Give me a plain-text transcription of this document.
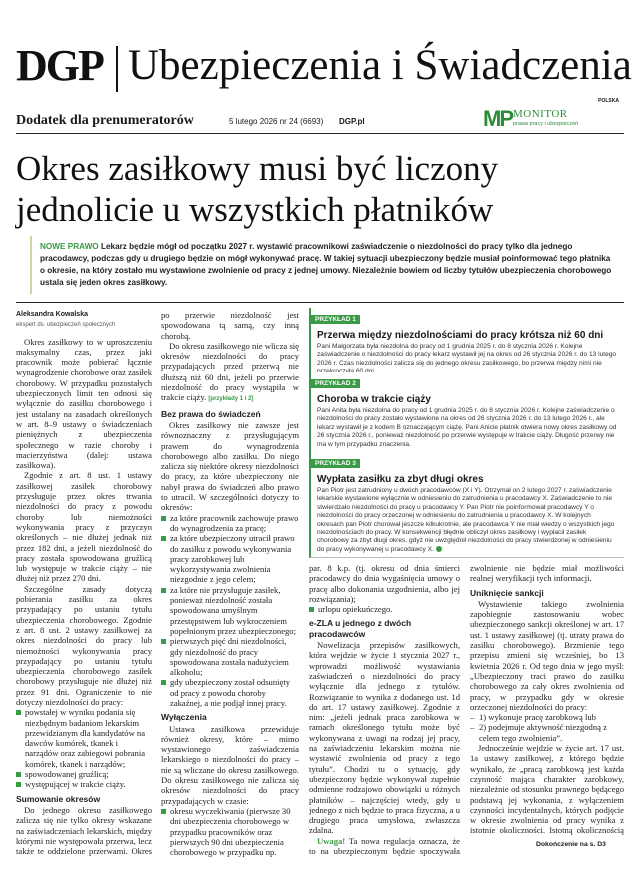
DGP Ubezpieczenia i Świadczenia
POLSKA
MP MONITOR
prawa pracy i ubezpieczeń
Dodatek dla prenumeratorów	5 lutego 2026 nr 24 (6693) DGP.pl
Okres zasiłkowy musi być liczony jednolicie u wszystkich płatników
NOWE PRAWO Lekarz będzie mógł od początku 2027 r. wystawić pracownikowi zaświadczenie o niezdolności do pracy tylko dla jednego pracodawcy, podczas gdy u drugiego będzie on mógł wykonywać pracę. W takiej sytuacji ubezpieczony będzie musiał poinformować tego płatnika o okresie, na który zostało mu wystawione zwolnienie od pracy z jednej umowy. Niezależnie bowiem od liczby tytułów ubezpieczenia chorobowego ustala się jeden okres zasiłkowy.
Aleksandra Kowalska
ekspert ds. ubezpieczeń społecznych

Okres zasiłkowy to w uproszczeniu maksymalny czas, przez jaki pracownik może pobierać łącznie wynagrodzenie chorobowe oraz zasiłek chorobowy. W przypadku pozostałych ubezpieczonych limit ten odnosi się wyłącznie do zasiłku chorobowego i jest ustalany na zasadach określonych w art. 8–9 ustawy o świadczeniach pieniężnych z ubezpieczenia społecznego w razie choroby i macierzyństwa (dalej: ustawa zasiłkowa).

Zgodnie z art. 8 ust. 1 ustawy zasiłkowej zasiłek chorobowy przysługuje przez okres trwania niezdolności do pracy z powodu choroby lub niemożności wykonywania pracy z przyczyn określonych – nie dłużej jednak niż przez 182 dni, a jeżeli niezdolność do pracy została spowodowana gruźlicą lub występuje w trakcie ciąży – nie dłużej niż przez 270 dni.

Szczególne zasady dotyczą pobierania zasiłku za okres przypadający po ustaniu tytułu ubezpieczenia chorobowego. Zgodnie z art. 8 ust. 2 ustawy zasiłkowej za okres niezdolności do pracy lub niemożności wykonywania pracy przypadający po ustaniu tytułu ubezpieczenia chorobowego zasiłek chorobowy przysługuje nie dłużej niż przez 91 dni. Ograniczenie to nie dotyczy niezdolności do pracy:

powstałej w wyniku podania się niezbędnym badaniom lekarskim przewidzianym dla kandydatów na dawców komórek, tkanek i narządów oraz zabiegowi pobrania komórek, tkanek i narządów;
spowodowanej gruźlicą;
występującej w trakcie ciąży.
Sumowanie okresów

Do jednego okresu zasiłkowego zalicza się nie tylko okresy wskazane na zaświadczeniach lekarskich, między którymi nie występowała przerwa, lecz także te oddzielone przerwami. Okres

po przerwie niezdolność jest spowodowana tą samą, czy inną chorobą.

Do okresu zasiłkowego nie wlicza się okresów niezdolności do pracy przypadających przed przerwą nie dłuższą niż 60 dni, jeżeli po przerwie niezdolność do pracy wystąpiła w trakcie ciąży. [przykłady 1 i 2]

Bez prawa do świadczeń

Okres zasiłkowy nie zawsze jest równoznaczny z przysługującym prawem do wynagrodzenia chorobowego albo zasiłku. Do niego zalicza się niektóre okresy niezdolności do pracy, za które ubezpieczony nie nabył prawa do świadczeń albo prawo to utracił. W szczególności dotyczy to okresów:

za które pracownik zachowuje prawo do wynagrodzenia za pracę;
za które ubezpieczony utracił prawo do zasiłku z powodu wykonywania pracy zarobkowej lub wykorzystywania zwolnienia niezgodnie z jego celem;
za które nie przysługuje zasiłek, ponieważ niezdolność została spowodowana umyślnym przestępstwem lub wykroczeniem popełnionym przez ubezpieczonego;
pierwszych pięć dni niezdolności, gdy niezdolność do pracy spowodowana została nadużyciem alkoholu;
gdy ubezpieczony został odsunięty od pracy z powodu choroby zakaźnej, a nie podjął innej pracy.
Wyłączenia

Ustawa zasiłkowa przewiduje również okresy, które – mimo wystawionego zaświadczenia lekarskiego o niezdolności do pracy – nie są wliczane do okresu zasiłkowego. Do okresu zasiłkowego nie zalicza się okresów niezdolności do pracy przypadających w czasie:

okresu wyczekiwania (pierwsze 30 dni ubezpieczenia chorobowego w przypadku pracowników oraz pierwszych 90 dni ubezpieczenia chorobowego w przypadku np.
PRZYKŁAD 1
Przerwa między niezdolnościami do pracy krótsza niż 60 dni
Pani Małgorzata była niezdolna do pracy od 1 grudnia 2025 r. do 8 stycznia 2026 r. Kolejne zaświadczenie o niezdolności do pracy lekarz wystawił jej na okres od 26 stycznia 2026 r. do 13 lutego 2026 r. Czas niezdolności zalicza się do jednego okresu zasiłkowego, bo przerwa między nimi nie
PRZYKŁAD 2
Choroba w trakcie ciąży
Pani Anita była niezdolna do pracy od 1 grudnia 2025 r. do 8 stycznia 2026 r. Kolejne zaświadczenie o niezdolności do pracy zostało wystawione na okres od 26 stycznia 2026 r. do 13 lutego 2026 r., ale lekarz wystawił je z kodem B oznaczającym ciążę. Pani Anicie płatnik otwiera nowy okres zasiłkowy od 26 stycznia 2026 r., ponieważ niezdolność po przerwie występuje w trakcie ciąży. Długość przerwy nie ma w tym przypadku znaczenia.
PRZYKŁAD 3
Wypłata zasiłku za zbyt długi okres
Pan Piotr jest zatrudniony u dwóch pracodawców (X i Y). Otrzymał on 2 lutego 2027 r. zaświadczenie lekarskie wystawione wyłącznie w odniesieniu do zatrudnienia u pracodawcy X. Zaświadczenie to nie stwierdzało niezdolności do pracy u pracodawcy Y. Pan Piotr nie poinformował pracodawcy Y o niezdolności do pracy orzeczonej w odniesieniu do zatrudnienia u pracodawcy X. W kolejnych okresach pan Piotr chorował jeszcze kilkukrotnie, ale pracodawca Y nie miał wiedzy o wszystkich jego niezdolnościach do pracy. W konsekwencji błędnie obliczył okres zasiłkowy i wypłacił zasiłek chorobowy za zbyt długi okres, gdyż nie uwzględnił niezdolności do pracy stwierdzonej w odniesieniu do pracy wykonywanej u pracodawcy X.

par. 8 k.p. (tj. okresu od dnia śmierci pracodawcy do dnia wygaśnięcia umowy o pracę albo dokonania uzgodnienia, albo jej rozwiązania);

urlopu opiekuńczego.
e-ZLA u jednego z dwóch pracodawców

Nowelizacja przepisów zasiłkowych, która wejdzie w życie 1 stycznia 2027 r., wprowadzi możliwość wystawiania zaświadczeń o niezdolności do pracy wyłącznie dla jednego z tytułów. Rozwiązanie to wynika z dodanego ust. 1d do art. 17 ustawy zasiłkowej. Zgodnie z nim: „jeżeli jednak praca zarobkowa w ramach określonego tytułu może być wykonywana z uwagi na rodzaj jej pracy, na zaświadczeniu lekarskim można nie wystawić zwolnienia od pracy z tego tytułu”. Chodzi tu o sytuację, gdy ubezpieczony będzie wykonywał zupełnie odmienne rodzajowo obowiązki u różnych płatników – najczęściej wtedy, gdy u jednego z nich będzie to praca fizyczna, a u drugiego praca umysłowa, zwłaszcza zdalna.

Uwaga! Ta nowa regulacja oznacza, że to na ubezpieczonym będzie spoczywała

zwolnienie nie będzie miał możliwości realnej weryfikacji tych informacji.

Uniknięcie sankcji

Wystawienie takiego zwolnienia zapobiegnie zastosowaniu wobec ubezpieczonego sankcji określonej w art. 17 ust. 1 ustawy zasiłkowej (tj. utraty prawa do zasiłku chorobowego). Brzmienie tego przepisu zmieni się wcześniej, bo 13 kwietnia 2026 r. Od tego dnia w jego myśl: „Ubezpieczony traci prawo do zasiłku chorobowego za cały okres zwolnienia od pracy, w przypadku gdy w okresie orzeczonej niezdolności do pracy:

– 1) wykonuje pracę zarobkową lub
– 2) podejmuje aktywność niezgodną z celem tego zwolnienia”.

Jednocześnie wejdzie w życie art. 17 ust. 1a ustawy zasiłkowej, z którego będzie wynikało, że „pracą zarobkową jest każda czynność mająca charakter zarobkowy, niezależnie od stosunku prawnego będącego podstawą jej wykonania, z wyłączeniem czynności incydentalnych, których podjęcie w okresie zwolnienia od pracy wynika z istotnie okoliczności. Istotną okolicznością

Dokończenie na s. D3
